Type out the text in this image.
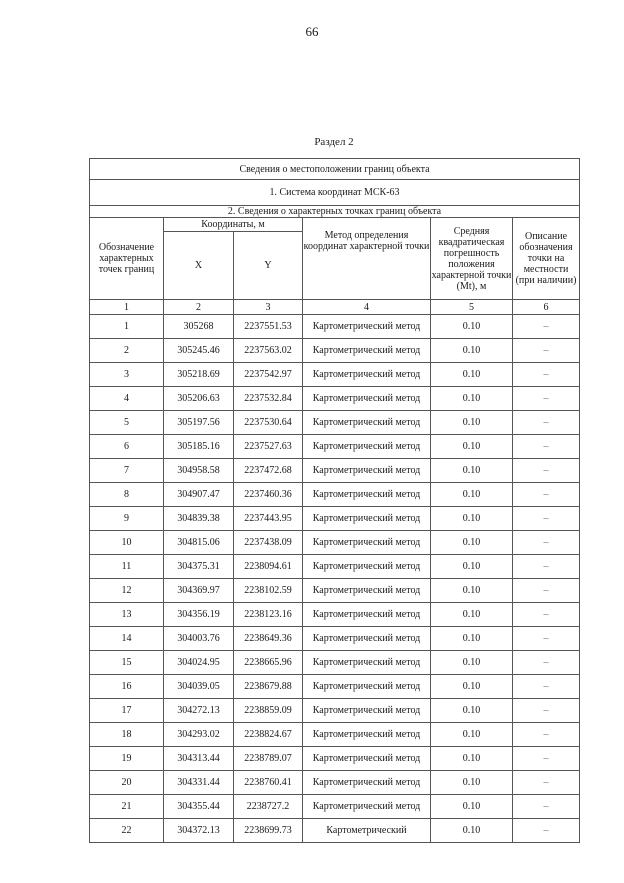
66
Раздел 2
Сведения о местоположении границ объекта					
1. Система координат МСК-63					
2. Сведения о характерных точках границ объекта					
Обозначение характерных точек границ	Координаты, м		Метод определения координат характерной точки	Средняя квадратическая погрешность положения характерной точки (Mt), м	Описание обозначения точки на местности (при наличии)
	X	Y			
1	2	3	4	5	6
1	305268	2237551.53	Картометрический метод	0.10	–
2	305245.46	2237563.02	Картометрический метод	0.10	–
3	305218.69	2237542.97	Картометрический метод	0.10	–
4	305206.63	2237532.84	Картометрический метод	0.10	–
5	305197.56	2237530.64	Картометрический метод	0.10	–
6	305185.16	2237527.63	Картометрический метод	0.10	–
7	304958.58	2237472.68	Картометрический метод	0.10	–
8	304907.47	2237460.36	Картометрический метод	0.10	–
9	304839.38	2237443.95	Картометрический метод	0.10	–
10	304815.06	2237438.09	Картометрический метод	0.10	–
11	304375.31	2238094.61	Картометрический метод	0.10	–
12	304369.97	2238102.59	Картометрический метод	0.10	–
13	304356.19	2238123.16	Картометрический метод	0.10	–
14	304003.76	2238649.36	Картометрический метод	0.10	–
15	304024.95	2238665.96	Картометрический метод	0.10	–
16	304039.05	2238679.88	Картометрический метод	0.10	–
17	304272.13	2238859.09	Картометрический метод	0.10	–
18	304293.02	2238824.67	Картометрический метод	0.10	–
19	304313.44	2238789.07	Картометрический метод	0.10	–
20	304331.44	2238760.41	Картометрический метод	0.10	–
21	304355.44	2238727.2	Картометрический метод	0.10	–
22	304372.13	2238699.73	Картометрический	0.10	–
